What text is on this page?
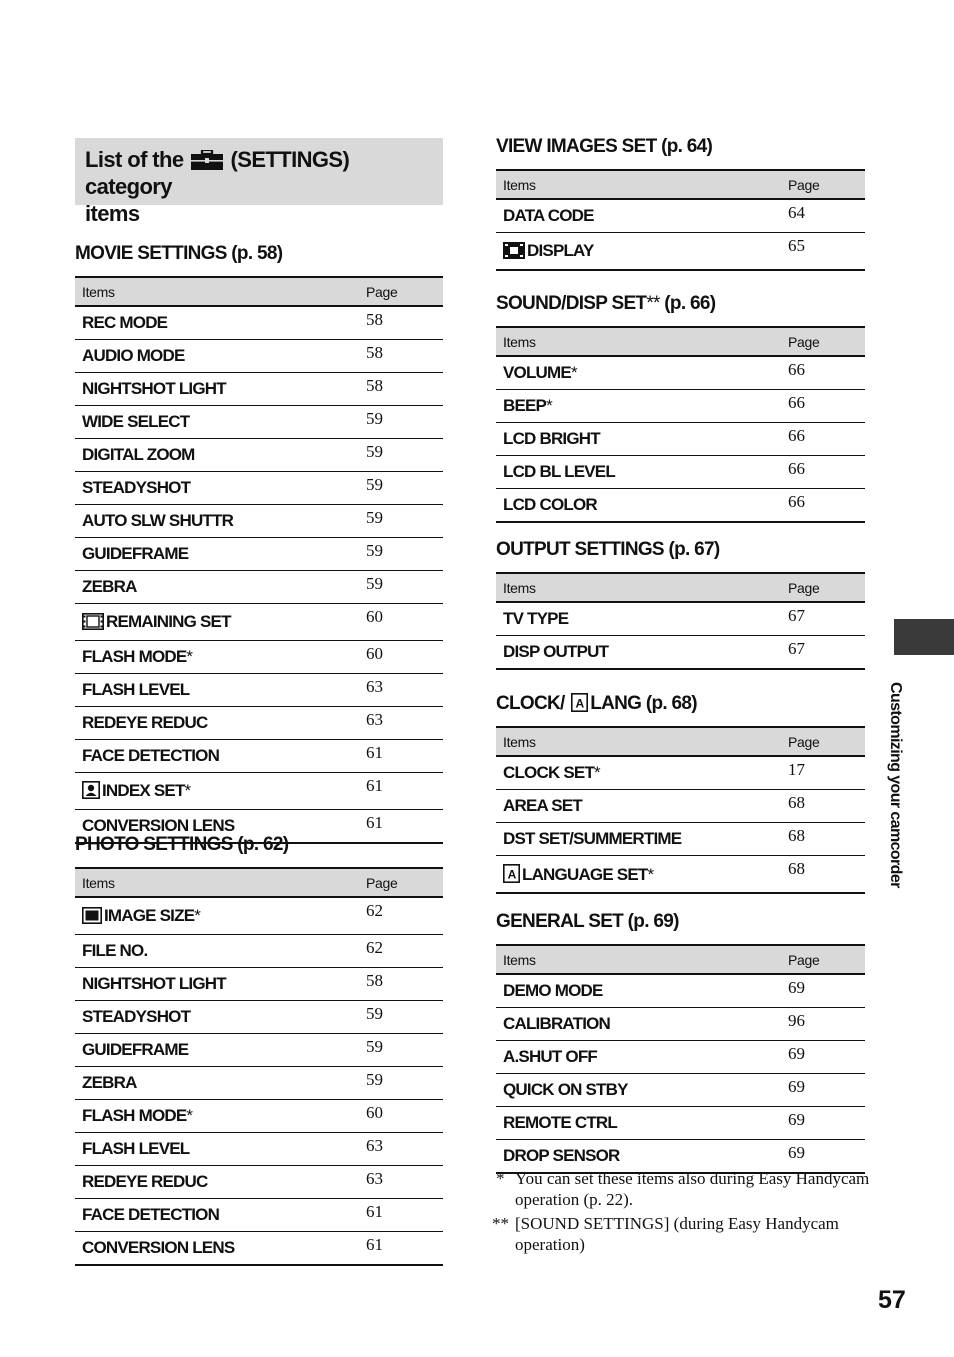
List of the (SETTINGS) category
items
MOVIE SETTINGS (p. 58)
Items	Page
REC MODE	58
AUDIO MODE	58
NIGHTSHOT LIGHT	58
WIDE SELECT	59
DIGITAL ZOOM	59
STEADYSHOT	59
AUTO SLW SHUTTR	59
GUIDEFRAME	59
ZEBRA	59
REMAINING SET	60
FLASH MODE*	60
FLASH LEVEL	63
REDEYE REDUC	63
FACE DETECTION	61
INDEX SET*	61
CONVERSION LENS	61
PHOTO SETTINGS (p. 62)
Items	Page
IMAGE SIZE*	62
FILE NO.	62
NIGHTSHOT LIGHT	58
STEADYSHOT	59
GUIDEFRAME	59
ZEBRA	59
FLASH MODE*	60
FLASH LEVEL	63
REDEYE REDUC	63
FACE DETECTION	61
CONVERSION LENS	61
VIEW IMAGES SET (p. 64)
Items	Page
DATA CODE	64
DISPLAY	65
SOUND/DISP SET** (p. 66)
Items	Page
VOLUME*	66
BEEP*	66
LCD BRIGHT	66
LCD BL LEVEL	66
LCD COLOR	66
OUTPUT SETTINGS (p. 67)
Items	Page
TV TYPE	67
DISP OUTPUT	67
CLOCK/ A LANG (p. 68)
Items	Page
CLOCK SET*	17
AREA SET	68
DST SET/SUMMERTIME	68

A LANGUAGE SET*	68
GENERAL SET (p. 69)
Items	Page
DEMO MODE	69
CALIBRATION	96
A.SHUT OFF	69
QUICK ON STBY	69
REMOTE CTRL	69
DROP SENSOR	69
* You can set these items also during Easy Handycam operation (p. 22).
** [SOUND SETTINGS] (during Easy Handycam operation)
Customizing your camcorder
57
